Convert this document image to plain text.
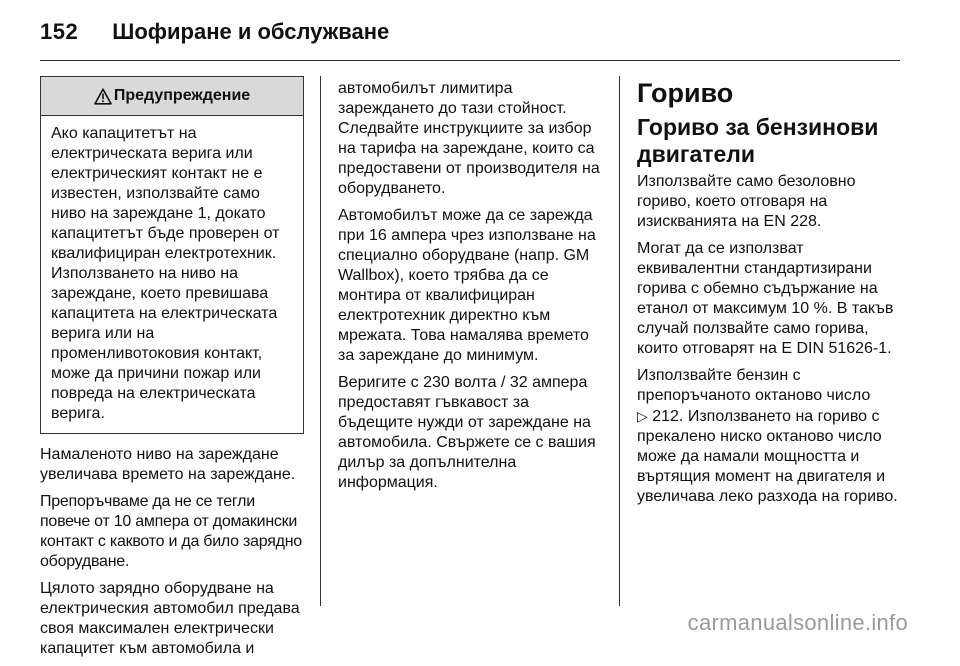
152 Шофиране и обслужване
Предупреждение
Ако капацитетът на
електрическата верига или
електрическият контакт не е
известен, използвайте само
ниво на зареждане 1, докато
капацитетът бъде проверен от
квалифициран електротехник.
Използването на ниво на
зареждане, което превишава
капацитета на електрическата
верига или на
променливотоковия контакт,
може да причини пожар или
повреда на електрическата
верига.

Намаленото ниво на зареждане
увеличава времето на зареждане.

Препоръчваме да не се тегли
повече от 10 ампера от домакински
контакт с каквото и да било зарядно
оборудване.

Цялото зарядно оборудване на
електрическия автомобил предава
своя максимален електрически
капацитет към автомобила и

автомобилът лимитира
зареждането до тази стойност.
Следвайте инструкциите за избор
на тарифа на зареждане, които са
предоставени от производителя на
оборудването.

Автомобилът може да се зарежда
при 16 ампера чрез използване на
специално оборудване (напр. GM
Wallbox), което трябва да се
монтира от квалифициран
електротехник директно към
мрежата. Това намалява времето
за зареждане до минимум.

Веригите с 230 волта / 32 ампера
предоставят гъвкавост за
бъдещите нужди от зареждане на
автомобила. Свържете се с вашия
дилър за допълнителна
информация.

Гориво
Гориво за бензинови
двигатели

Използвайте само безоловно
гориво, което отговаря на
изискванията на EN 228.

Могат да се използват
еквивалентни стандартизирани
горива с обемно съдържание на
етанол от максимум 10 %. В такъв
случай ползвайте само горива,
които отговарят на E DIN 51626-1.

Използвайте бензин с
препоръчаното октаново число
▷ 212. Използването на гориво с
прекалено ниско октаново число
може да намали мощността и
въртящия момент на двигателя и
увеличава леко разхода на гориво.

carmanualsonline.info
